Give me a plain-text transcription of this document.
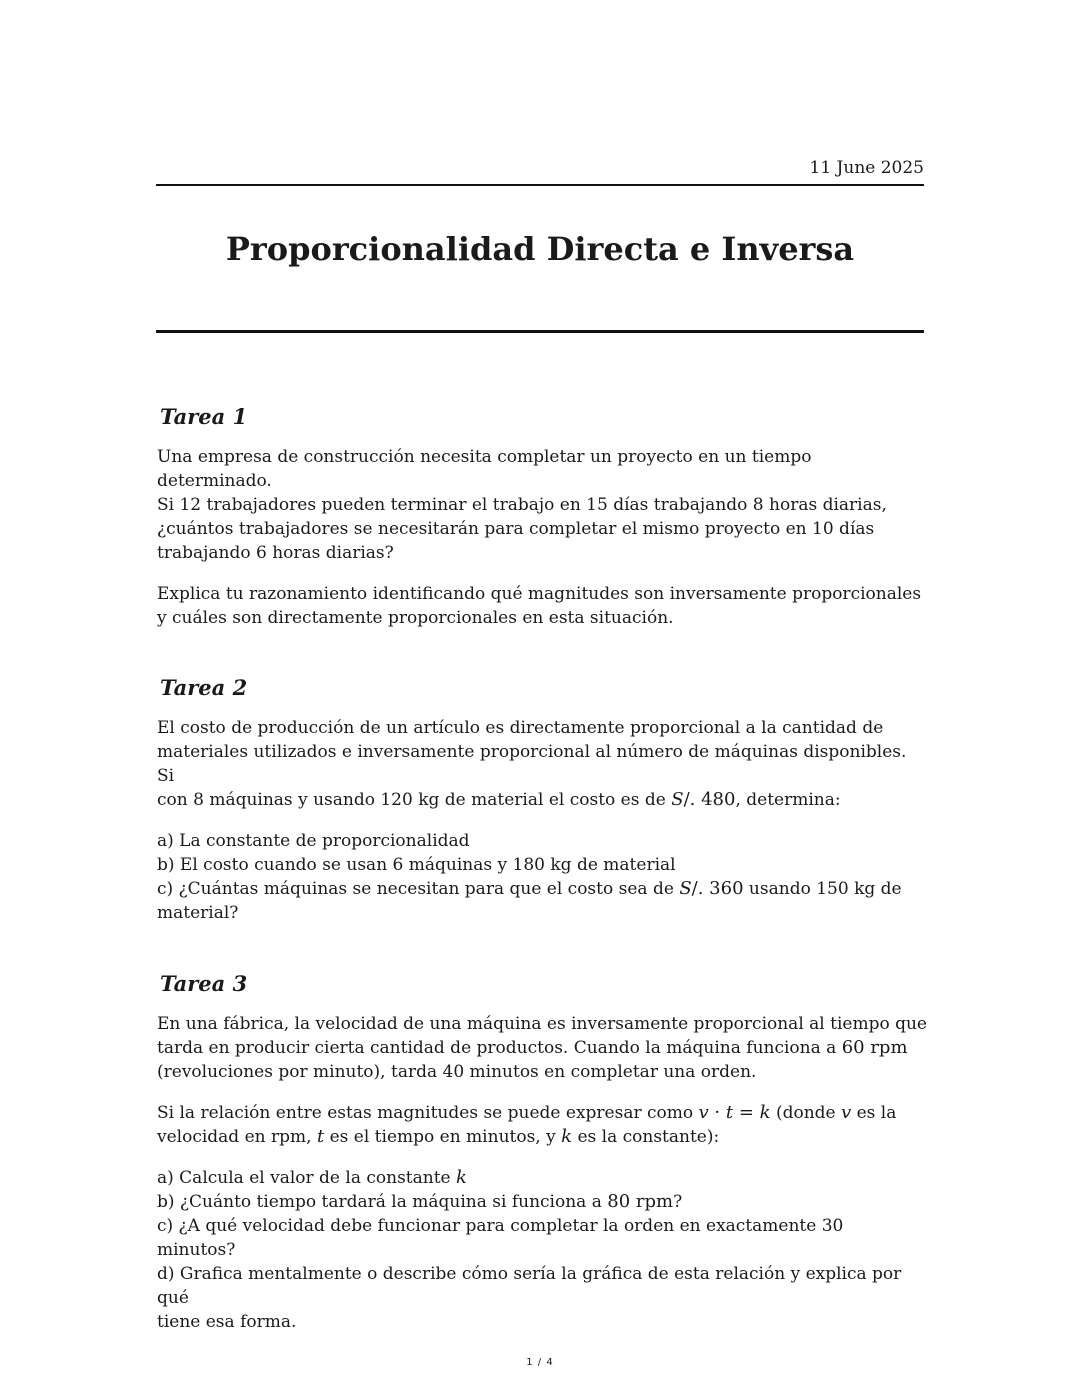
11 June 2025
Proporcionalidad Directa e Inversa
Tarea 1

Una empresa de construcción necesita completar un proyecto en un tiempo determinado.
Si 12 trabajadores pueden terminar el trabajo en 15 días trabajando 8 horas diarias,
¿cuántos trabajadores se necesitarán para completar el mismo proyecto en 10 días
trabajando 6 horas diarias?

Explica tu razonamiento identificando qué magnitudes son inversamente proporcionales
y cuáles son directamente proporcionales en esta situación.

Tarea 2

El costo de producción de un artículo es directamente proporcional a la cantidad de
materiales utilizados e inversamente proporcional al número de máquinas disponibles. Si
con 8 máquinas y usando 120 kg de material el costo es de S/. 480, determina:

a) La constante de proporcionalidad
b) El costo cuando se usan 6 máquinas y 180 kg de material
c) ¿Cuántas máquinas se necesitan para que el costo sea de S/. 360 usando 150 kg de
material?

Tarea 3

En una fábrica, la velocidad de una máquina es inversamente proporcional al tiempo que
tarda en producir cierta cantidad de productos. Cuando la máquina funciona a 60 rpm
(revoluciones por minuto), tarda 40 minutos en completar una orden.

Si la relación entre estas magnitudes se puede expresar como v · t = k (donde v es la
velocidad en rpm, t es el tiempo en minutos, y k es la constante):

a) Calcula el valor de la constante k
b) ¿Cuánto tiempo tardará la máquina si funciona a 80 rpm?
c) ¿A qué velocidad debe funcionar para completar la orden en exactamente 30 minutos?
d) Grafica mentalmente o describe cómo sería la gráfica de esta relación y explica por qué
tiene esa forma.

1 / 4
